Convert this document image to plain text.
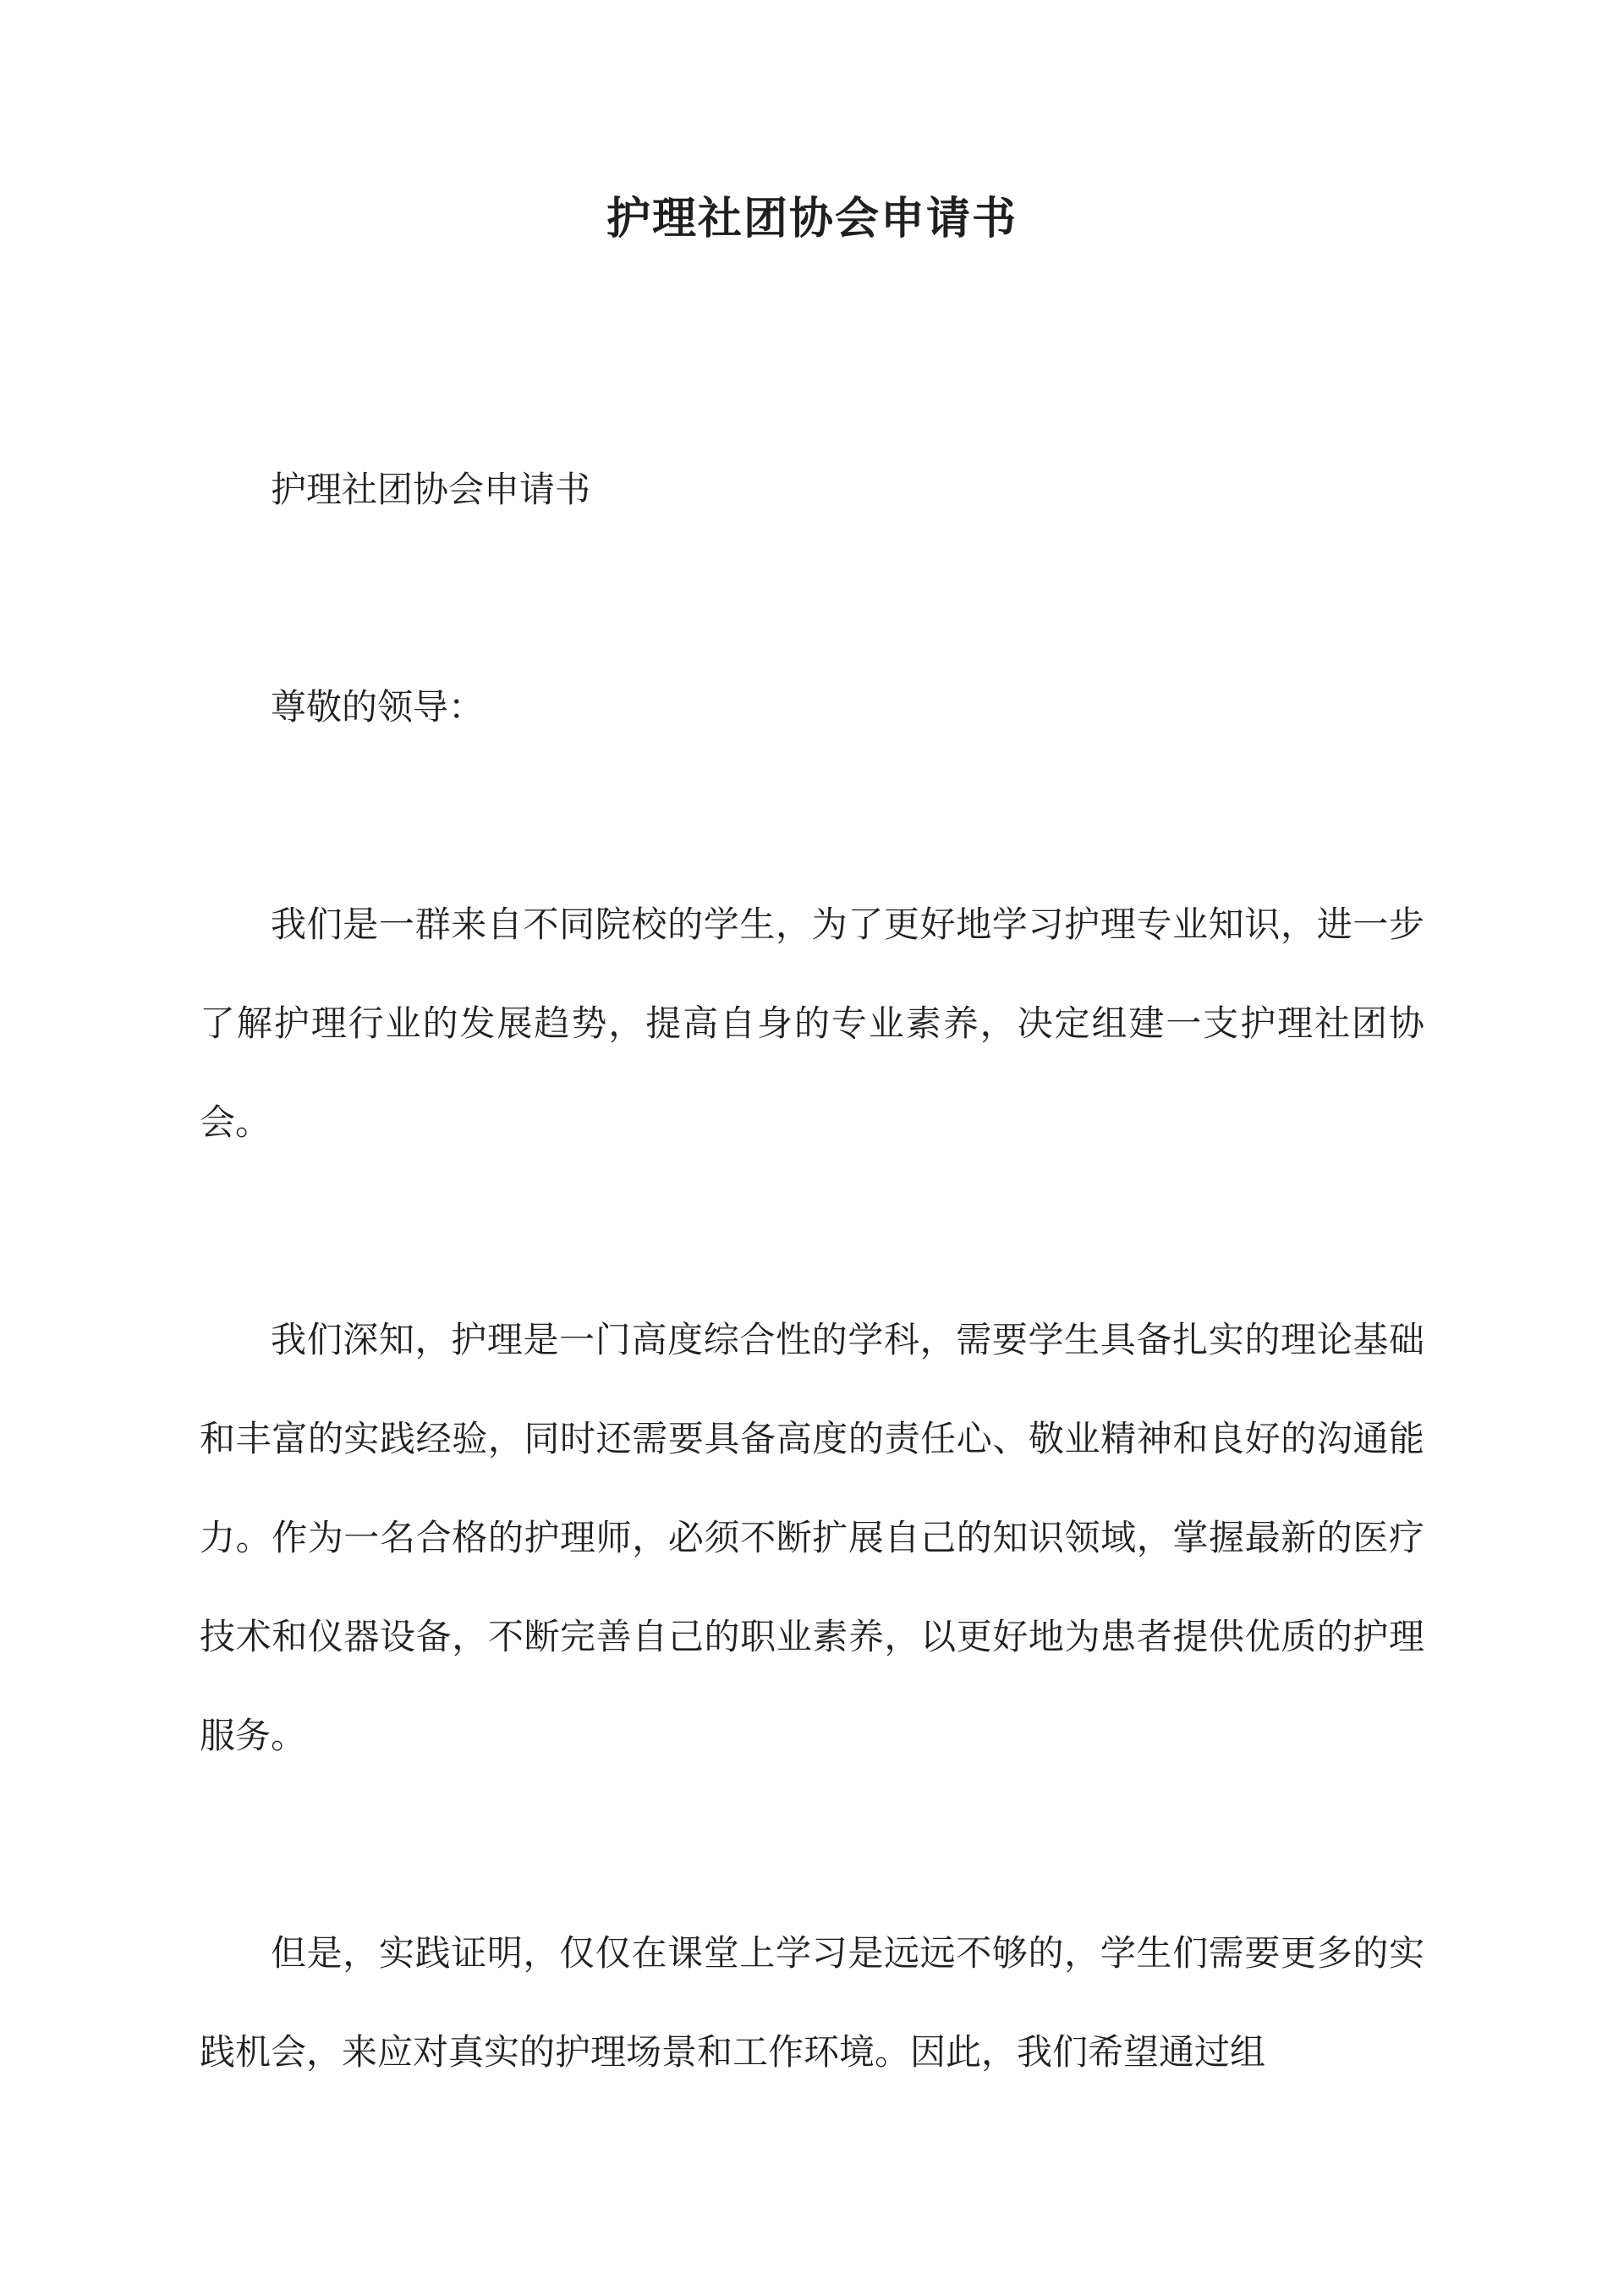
护理社团协会申请书

护理社团协会申请书

尊敬的领导：

我们是一群来自不同院校的学生，为了更好地学习护理专业知识，进一步了解护理行业的发展趋势，提高自身的专业素养，决定组建一支护理社团协会。

我们深知，护理是一门高度综合性的学科，需要学生具备扎实的理论基础和丰富的实践经验，同时还需要具备高度的责任心、敬业精神和良好的沟通能力。作为一名合格的护理师，必须不断扩展自己的知识领域，掌握最新的医疗技术和仪器设备，不断完善自己的职业素养，以更好地为患者提供优质的护理服务。

但是，实践证明，仅仅在课堂上学习是远远不够的，学生们需要更多的实践机会，来应对真实的护理场景和工作环境。因此，我们希望通过组
